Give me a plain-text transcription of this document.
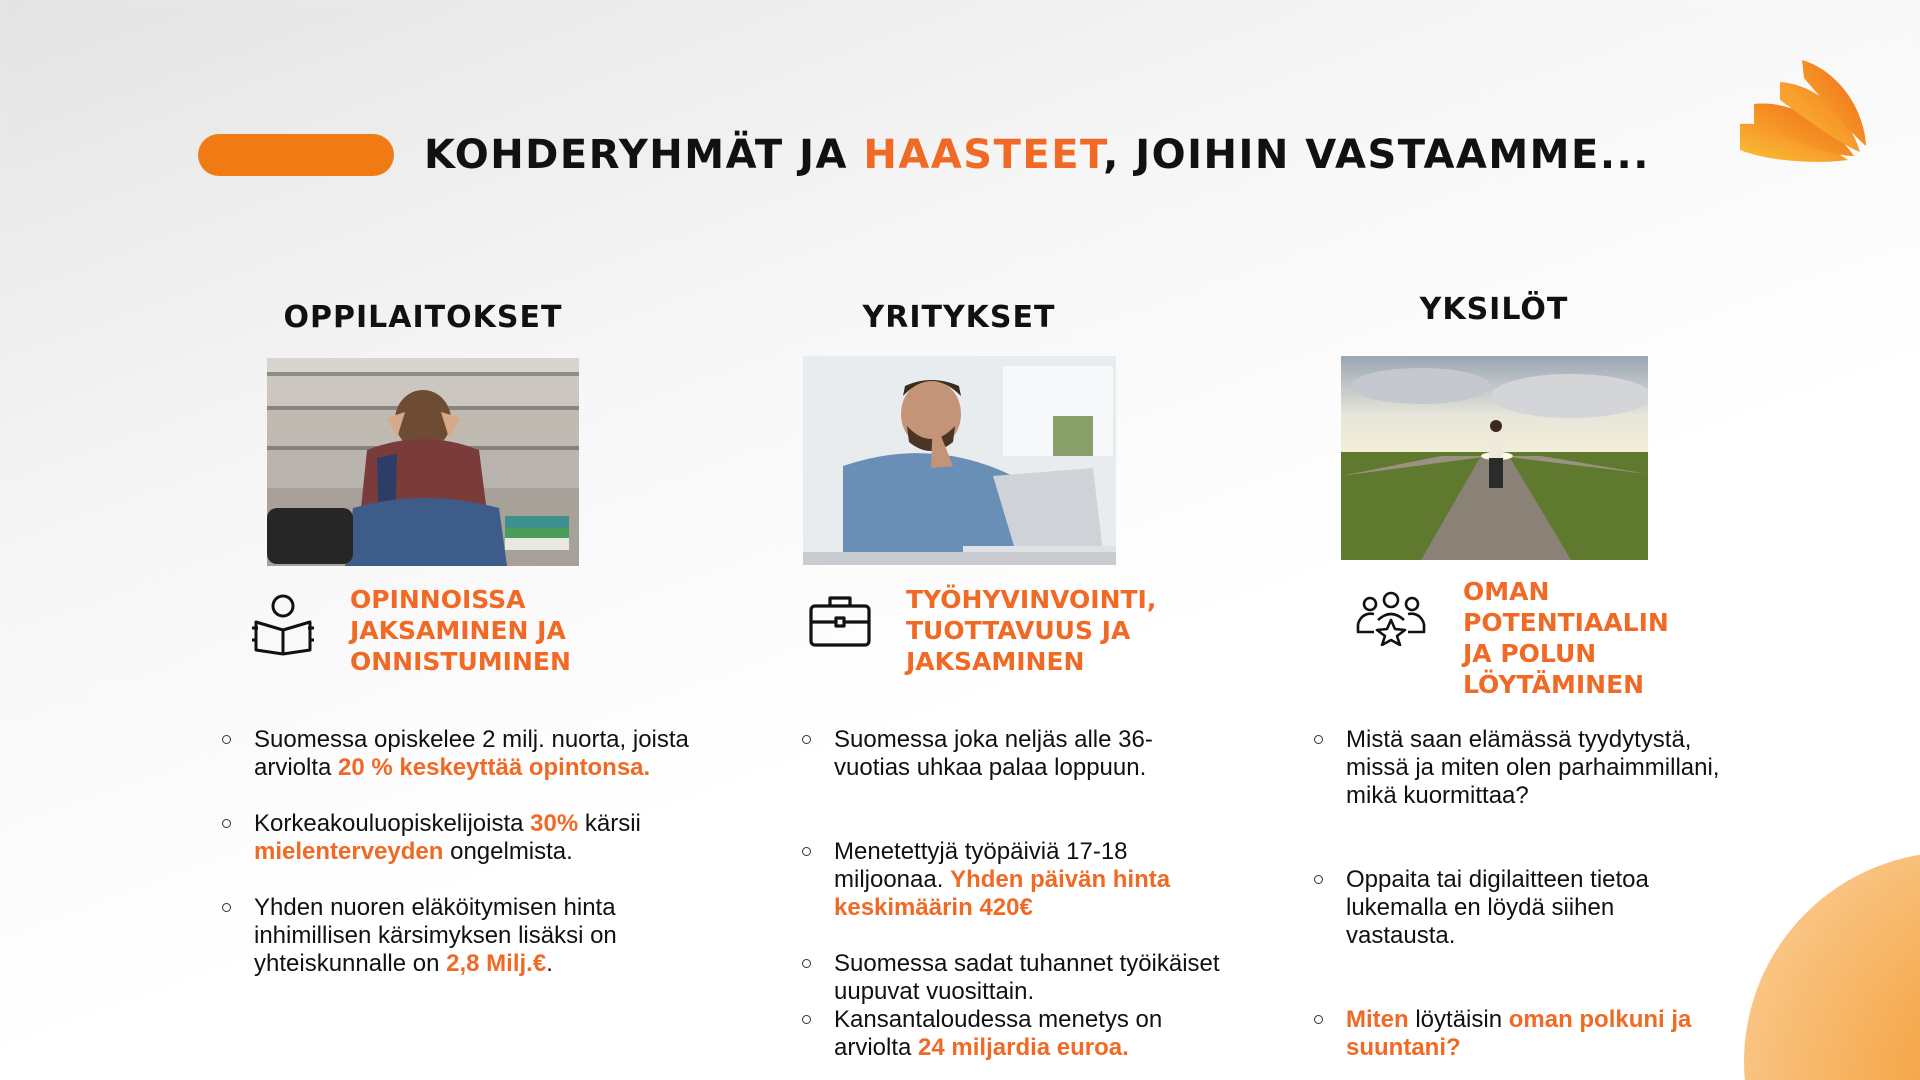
KOHDERYHMÄT JA HAASTEET, JOIHIN VASTAAMME...
OPPILAITOKSET
OPINNOISSA
JAKSAMINEN JA
ONNISTUMINEN
Suomessa opiskelee 2 milj. nuorta, joista arviolta 20 % keskeyttää opintonsa.
Korkeakouluopiskelijoista 30% kärsii mielenterveyden ongelmista.
Yhden nuoren eläköitymisen hinta inhimillisen kärsimyksen lisäksi on yhteiskunnalle on 2,8 Milj.€.
YRITYKSET
TYÖHYVINVOINTI,
TUOTTAVUUS JA
JAKSAMINEN
Suomessa joka neljäs alle 36-vuotias uhkaa palaa loppuun.
Menetettyjä työpäiviä 17-18 miljoonaa. Yhden päivän hinta keskimäärin 420€
Suomessa sadat tuhannet työikäiset uupuvat vuosittain.
Kansantaloudessa menetys on arviolta 24 miljardia euroa.
YKSILÖT
OMAN
POTENTIAALIN
JA POLUN
LÖYTÄMINEN
Mistä saan elämässä tyydytystä, missä ja miten olen parhaimmillani, mikä kuormittaa?
Oppaita tai digilaitteen tietoa lukemalla en löydä siihen vastausta.
Miten löytäisin oman polkuni ja suuntani?
